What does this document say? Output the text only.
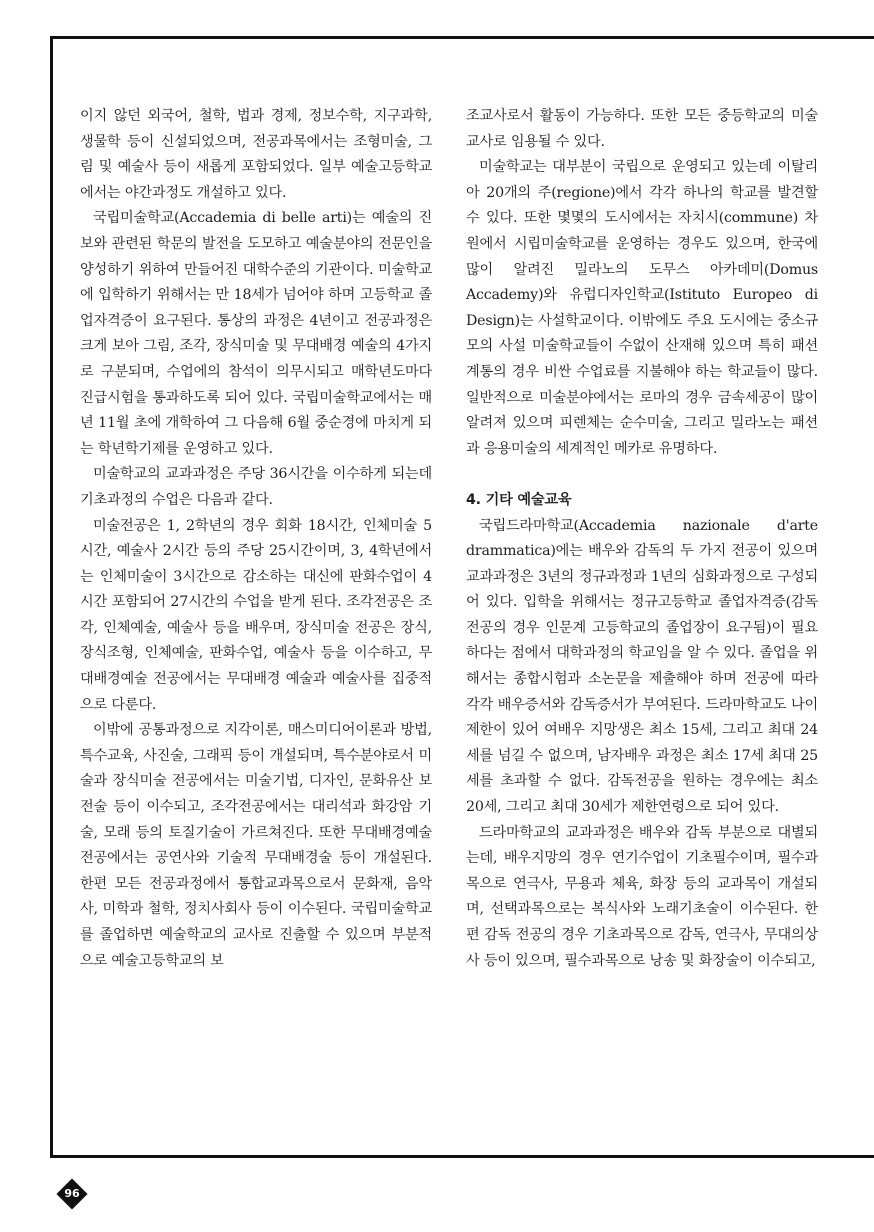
이지 않던 외국어, 철학, 법과 경제, 정보수학, 지구과학, 생물학 등이 신설되었으며, 전공과목에서는 조형미술, 그림 및 예술사 등이 새롭게 포함되었다. 일부 예술고등학교에서는 야간과정도 개설하고 있다.

국립미술학교(Accademia di belle arti)는 예술의 진보와 관련된 학문의 발전을 도모하고 예술분야의 전문인을 양성하기 위하여 만들어진 대학수준의 기관이다. 미술학교에 입학하기 위해서는 만 18세가 넘어야 하며 고등학교 졸업자격증이 요구된다. 통상의 과정은 4년이고 전공과정은 크게 보아 그림, 조각, 장식미술 및 무대배경 예술의 4가지로 구분되며, 수업에의 참석이 의무시되고 매학년도마다 진급시험을 통과하도록 되어 있다. 국립미술학교에서는 매년 11월 초에 개학하여 그 다음해 6월 중순경에 마치게 되는 학년학기제를 운영하고 있다.

미술학교의 교과과정은 주당 36시간을 이수하게 되는데 기초과정의 수업은 다음과 같다.

미술전공은 1, 2학년의 경우 회화 18시간, 인체미술 5시간, 예술사 2시간 등의 주당 25시간이며, 3, 4학년에서는 인체미술이 3시간으로 감소하는 대신에 판화수업이 4시간 포함되어 27시간의 수업을 받게 된다. 조각전공은 조각, 인체예술, 예술사 등을 배우며, 장식미술 전공은 장식, 장식조형, 인체예술, 판화수업, 예술사 등을 이수하고, 무대배경예술 전공에서는 무대배경 예술과 예술사를 집중적으로 다룬다.

이밖에 공통과정으로 지각이론, 매스미디어이론과 방법, 특수교육, 사진술, 그래픽 등이 개설되며, 특수분야로서 미술과 장식미술 전공에서는 미술기법, 디자인, 문화유산 보전술 등이 이수되고, 조각전공에서는 대리석과 화강암 기술, 모래 등의 토질기술이 가르쳐진다. 또한 무대배경예술전공에서는 공연사와 기술적 무대배경술 등이 개설된다. 한편 모든 전공과정에서 통합교과목으로서 문화재, 음악사, 미학과 철학, 정치사회사 등이 이수된다. 국립미술학교를 졸업하면 예술학교의 교사로 진출할 수 있으며 부분적으로 예술고등학교의 보

조교사로서 활동이 가능하다. 또한 모든 중등학교의 미술교사로 임용될 수 있다.

미술학교는 대부분이 국립으로 운영되고 있는데 이탈리아 20개의 주(regione)에서 각각 하나의 학교를 발견할 수 있다. 또한 몇몇의 도시에서는 자치시(commune) 차원에서 시립미술학교를 운영하는 경우도 있으며, 한국에 많이 알려진 밀라노의 도무스 아카데미(Domus Accademy)와 유럽디자인학교(Istituto Europeo di Design)는 사설학교이다. 이밖에도 주요 도시에는 중소규모의 사설 미술학교들이 수없이 산재해 있으며 특히 패션계통의 경우 비싼 수업료를 지불해야 하는 학교들이 많다. 일반적으로 미술분야에서는 로마의 경우 금속세공이 많이 알려져 있으며 피렌체는 순수미술, 그리고 밀라노는 패션과 응용미술의 세계적인 메카로 유명하다.

4. 기타 예술교육

국립드라마학교(Accademia nazionale d'arte drammatica)에는 배우와 감독의 두 가지 전공이 있으며 교과과정은 3년의 정규과정과 1년의 심화과정으로 구성되어 있다. 입학을 위해서는 정규고등학교 졸업자격증(감독 전공의 경우 인문계 고등학교의 졸업장이 요구됨)이 필요하다는 점에서 대학과정의 학교임을 알 수 있다. 졸업을 위해서는 종합시험과 소논문을 제출해야 하며 전공에 따라 각각 배우증서와 감독증서가 부여된다. 드라마학교도 나이제한이 있어 여배우 지망생은 최소 15세, 그리고 최대 24세를 넘길 수 없으며, 남자배우 과정은 최소 17세 최대 25세를 초과할 수 없다. 감독전공을 원하는 경우에는 최소 20세, 그리고 최대 30세가 제한연령으로 되어 있다.

드라마학교의 교과과정은 배우와 감독 부분으로 대별되는데, 배우지망의 경우 연기수업이 기초필수이며, 필수과목으로 연극사, 무용과 체육, 화장 등의 교과목이 개설되며, 선택과목으로는 복식사와 노래기초술이 이수된다. 한편 감독 전공의 경우 기초과목으로 감독, 연극사, 무대의상사 등이 있으며, 필수과목으로 낭송 및 화장술이 이수되고,

96
